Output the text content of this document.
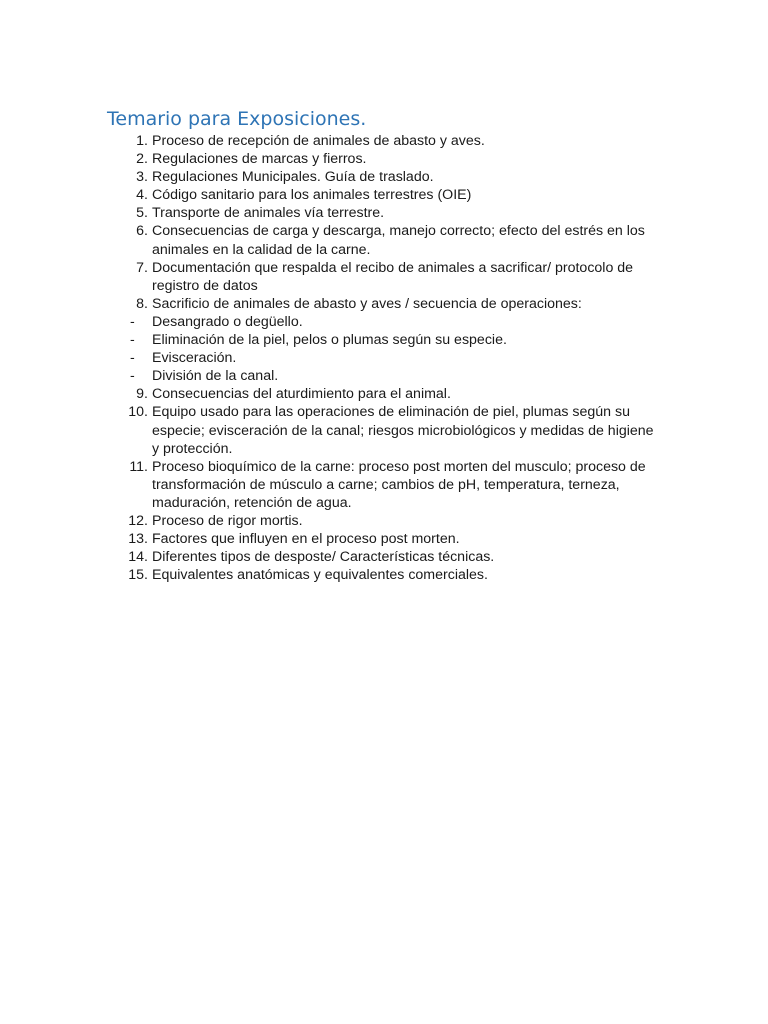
Temario para Exposiciones.
1. Proceso de recepción de animales de abasto y aves.
2. Regulaciones de marcas y fierros.
3. Regulaciones Municipales. Guía de traslado.
4. Código sanitario para los animales terrestres (OIE)
5. Transporte de animales vía terrestre.
6. Consecuencias de carga y descarga, manejo correcto; efecto del estrés en los animales en la calidad de la carne.
7. Documentación que respalda el recibo de animales a sacrificar/ protocolo de registro de datos
8. Sacrificio de animales de abasto y aves / secuencia de operaciones:
-	Desangrado o degüello.
-	Eliminación de la piel, pelos o plumas según su especie.
-	Evisceración.
-	División de la canal.
9. Consecuencias del aturdimiento para el animal.
10. Equipo usado para las operaciones de eliminación de piel, plumas según su especie; evisceración de la canal; riesgos microbiológicos y medidas de higiene y protección.
11. Proceso bioquímico de la carne: proceso post morten del musculo; proceso de transformación de músculo a carne; cambios de pH, temperatura, terneza, maduración, retención de agua.
12. Proceso de rigor mortis.
13. Factores que influyen en el proceso post morten.
14. Diferentes tipos de desposte/ Características técnicas.
15. Equivalentes anatómicas y equivalentes comerciales.
